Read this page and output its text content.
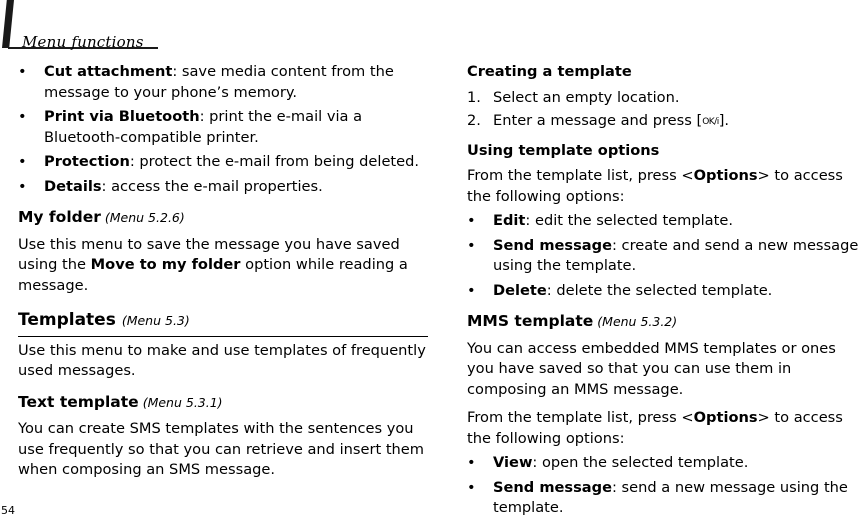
Menu functions
• Cut attachment: save media content from the message to your phone’s memory.
• Print via Bluetooth: print the e-mail via a Bluetooth-compatible printer.
• Protection: protect the e-mail from being deleted.
• Details: access the e-mail properties.
My folder (Menu 5.2.6)

Use this menu to save the message you have saved using the Move to my folder option while reading a message.

Templates (Menu 5.3)

Use this menu to make and use templates of frequently used messages.

Text template (Menu 5.3.1)

You can create SMS templates with the sentences you use frequently so that you can retrieve and insert them when composing an SMS message.

Creating a template
1. Select an empty location.
2. Enter a message and press [OK/i].
Using template options

From the template list, press <Options> to access the following options:

• Edit: edit the selected template.
• Send message: create and send a new message using the template.
• Delete: delete the selected template.
MMS template (Menu 5.3.2)

You can access embedded MMS templates or ones you have saved so that you can use them in composing an MMS message.

From the template list, press <Options> to access the following options:

• View: open the selected template.
• Send message: send a new message using the template.
54
